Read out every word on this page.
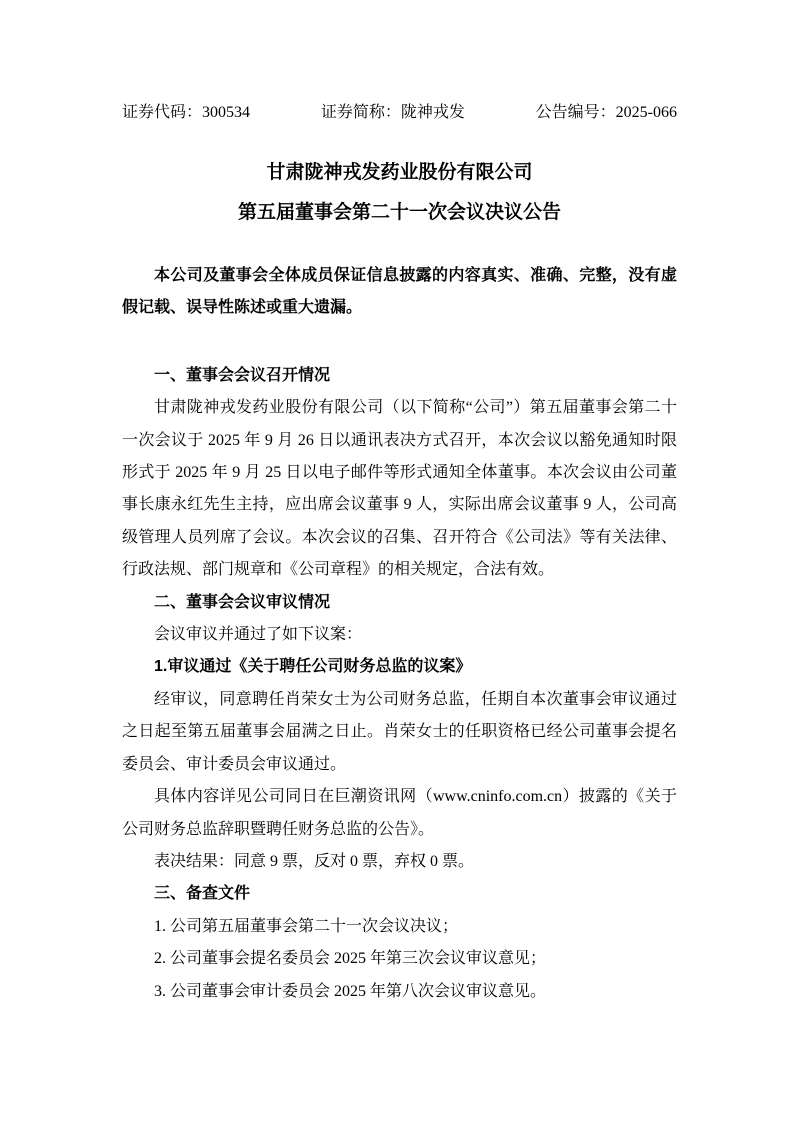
证券代码：300534	证券简称：陇神戎发	公告编号：2025-066
甘肃陇神戎发药业股份有限公司
第五届董事会第二十一次会议决议公告

本公司及董事会全体成员保证信息披露的内容真实、准确、完整，没有虚假记载、误导性陈述或重大遗漏。

一、董事会会议召开情况

甘肃陇神戎发药业股份有限公司（以下简称“公司”）第五届董事会第二十一次会议于 2025 年 9 月 26 日以通讯表决方式召开，本次会议以豁免通知时限形式于 2025 年 9 月 25 日以电子邮件等形式通知全体董事。本次会议由公司董事长康永红先生主持，应出席会议董事 9 人，实际出席会议董事 9 人，公司高级管理人员列席了会议。本次会议的召集、召开符合《公司法》等有关法律、行政法规、部门规章和《公司章程》的相关规定，合法有效。

二、董事会会议审议情况

会议审议并通过了如下议案：

1.审议通过《关于聘任公司财务总监的议案》

经审议，同意聘任肖荣女士为公司财务总监，任期自本次董事会审议通过之日起至第五届董事会届满之日止。肖荣女士的任职资格已经公司董事会提名委员会、审计委员会审议通过。

具体内容详见公司同日在巨潮资讯网（www.cninfo.com.cn）披露的《关于公司财务总监辞职暨聘任财务总监的公告》。

表决结果：同意 9 票，反对 0 票，弃权 0 票。

三、备查文件

1. 公司第五届董事会第二十一次会议决议；

2. 公司董事会提名委员会 2025 年第三次会议审议意见；

3. 公司董事会审计委员会 2025 年第八次会议审议意见。
